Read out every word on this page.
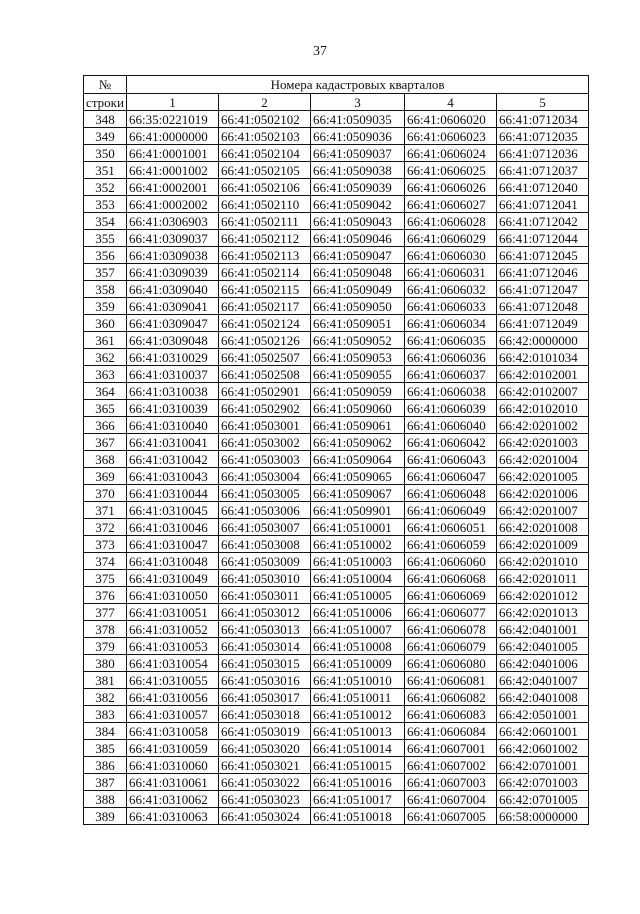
37
№	Номера кадастровых кварталов				
строки	1	2	3	4	5
348	66:35:0221019	66:41:0502102	66:41:0509035	66:41:0606020	66:41:0712034
349	66:41:0000000	66:41:0502103	66:41:0509036	66:41:0606023	66:41:0712035
350	66:41:0001001	66:41:0502104	66:41:0509037	66:41:0606024	66:41:0712036
351	66:41:0001002	66:41:0502105	66:41:0509038	66:41:0606025	66:41:0712037
352	66:41:0002001	66:41:0502106	66:41:0509039	66:41:0606026	66:41:0712040
353	66:41:0002002	66:41:0502110	66:41:0509042	66:41:0606027	66:41:0712041
354	66:41:0306903	66:41:0502111	66:41:0509043	66:41:0606028	66:41:0712042
355	66:41:0309037	66:41:0502112	66:41:0509046	66:41:0606029	66:41:0712044
356	66:41:0309038	66:41:0502113	66:41:0509047	66:41:0606030	66:41:0712045
357	66:41:0309039	66:41:0502114	66:41:0509048	66:41:0606031	66:41:0712046
358	66:41:0309040	66:41:0502115	66:41:0509049	66:41:0606032	66:41:0712047
359	66:41:0309041	66:41:0502117	66:41:0509050	66:41:0606033	66:41:0712048
360	66:41:0309047	66:41:0502124	66:41:0509051	66:41:0606034	66:41:0712049
361	66:41:0309048	66:41:0502126	66:41:0509052	66:41:0606035	66:42:0000000
362	66:41:0310029	66:41:0502507	66:41:0509053	66:41:0606036	66:42:0101034
363	66:41:0310037	66:41:0502508	66:41:0509055	66:41:0606037	66:42:0102001
364	66:41:0310038	66:41:0502901	66:41:0509059	66:41:0606038	66:42:0102007
365	66:41:0310039	66:41:0502902	66:41:0509060	66:41:0606039	66:42:0102010
366	66:41:0310040	66:41:0503001	66:41:0509061	66:41:0606040	66:42:0201002
367	66:41:0310041	66:41:0503002	66:41:0509062	66:41:0606042	66:42:0201003
368	66:41:0310042	66:41:0503003	66:41:0509064	66:41:0606043	66:42:0201004
369	66:41:0310043	66:41:0503004	66:41:0509065	66:41:0606047	66:42:0201005
370	66:41:0310044	66:41:0503005	66:41:0509067	66:41:0606048	66:42:0201006
371	66:41:0310045	66:41:0503006	66:41:0509901	66:41:0606049	66:42:0201007
372	66:41:0310046	66:41:0503007	66:41:0510001	66:41:0606051	66:42:0201008
373	66:41:0310047	66:41:0503008	66:41:0510002	66:41:0606059	66:42:0201009
374	66:41:0310048	66:41:0503009	66:41:0510003	66:41:0606060	66:42:0201010
375	66:41:0310049	66:41:0503010	66:41:0510004	66:41:0606068	66:42:0201011
376	66:41:0310050	66:41:0503011	66:41:0510005	66:41:0606069	66:42:0201012
377	66:41:0310051	66:41:0503012	66:41:0510006	66:41:0606077	66:42:0201013
378	66:41:0310052	66:41:0503013	66:41:0510007	66:41:0606078	66:42:0401001
379	66:41:0310053	66:41:0503014	66:41:0510008	66:41:0606079	66:42:0401005
380	66:41:0310054	66:41:0503015	66:41:0510009	66:41:0606080	66:42:0401006
381	66:41:0310055	66:41:0503016	66:41:0510010	66:41:0606081	66:42:0401007
382	66:41:0310056	66:41:0503017	66:41:0510011	66:41:0606082	66:42:0401008
383	66:41:0310057	66:41:0503018	66:41:0510012	66:41:0606083	66:42:0501001
384	66:41:0310058	66:41:0503019	66:41:0510013	66:41:0606084	66:42:0601001
385	66:41:0310059	66:41:0503020	66:41:0510014	66:41:0607001	66:42:0601002
386	66:41:0310060	66:41:0503021	66:41:0510015	66:41:0607002	66:42:0701001
387	66:41:0310061	66:41:0503022	66:41:0510016	66:41:0607003	66:42:0701003
388	66:41:0310062	66:41:0503023	66:41:0510017	66:41:0607004	66:42:0701005
389	66:41:0310063	66:41:0503024	66:41:0510018	66:41:0607005	66:58:0000000
